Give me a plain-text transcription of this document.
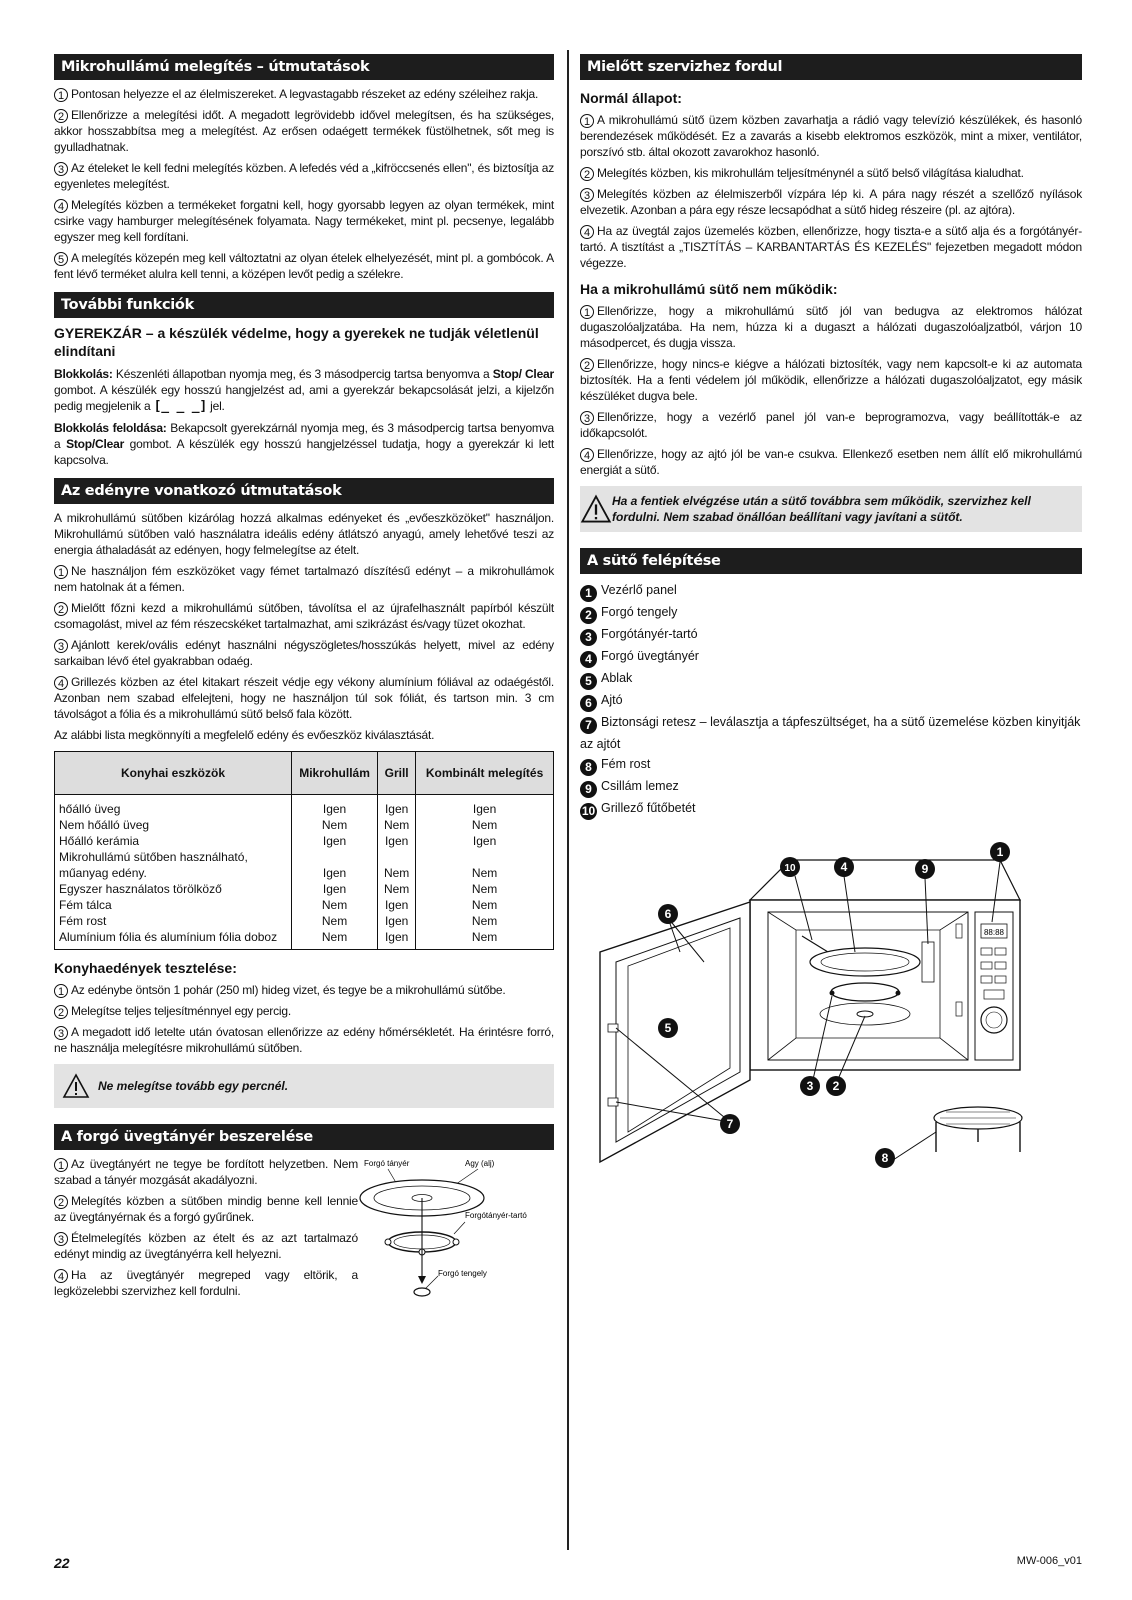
Mikrohullámú melegítés – útmutatások

1 Pontosan helyezze el az élelmiszereket. A legvastagabb részeket az edény széleihez rakja.

2 Ellenőrizze a melegítési időt. A megadott legrövidebb idővel melegítsen, és ha szükséges, akkor hosszabbítsa meg a melegítést. Az erősen odaégett termékek füstölhetnek, sőt meg is gyulladhatnak.

3 Az ételeket le kell fedni melegítés közben. A lefedés véd a „kifröccsenés ellen", és biztosítja az egyenletes melegítést.

4 Melegítés közben a termékeket forgatni kell, hogy gyorsabb legyen az olyan termékek, mint csirke vagy hamburger melegítésének folyamata. Nagy termékeket, mint pl. pecsenye, legalább egyszer meg kell fordítani.

5 A melegítés közepén meg kell változtatni az olyan ételek elhelyezését, mint pl. a gombócok. A fent lévő terméket alulra kell tenni, a középen levőt pedig a szélekre.

További funkciók
GYEREKZÁR – a készülék védelme, hogy a gyerekek ne tudják véletlenül elindítani

Blokkolás: Készenléti állapotban nyomja meg, és 3 másodpercig tartsa benyomva a Stop/ Clear gombot. A készülék egy hosszú hangjelzést ad, ami a gyerekzár bekapcsolását jelzi, a kijelzőn pedig megjelenik a [_ _ _] jel.

Blokkolás feloldása: Bekapcsolt gyerekzárnál nyomja meg, és 3 másodpercig tartsa benyomva a Stop/Clear gombot. A készülék egy hosszú hangjelzéssel tudatja, hogy a gyerekzár ki lett kapcsolva.

Az edényre vonatkozó útmutatások

A mikrohullámú sütőben kizárólag hozzá alkalmas edényeket és „evőeszközöket" használjon. Mikrohullámú sütőben való használatra ideális edény átlátszó anyagú, amely lehetővé teszi az energia áthaladását az edényen, hogy felmelegítse az ételt.

1 Ne használjon fém eszközöket vagy fémet tartalmazó díszítésű edényt – a mikrohullámok nem hatolnak át a fémen.

2 Mielőtt főzni kezd a mikrohullámú sütőben, távolítsa el az újrafelhasznált papírból készült csomagolást, mivel az fém részecskéket tartalmazhat, ami szikrázást és/vagy tüzet okozhat.

3 Ajánlott kerek/ovális edényt használni négyszögletes/hosszúkás helyett, mivel az edény sarkaiban lévő étel gyakrabban odaég.

4 Grillezés közben az étel kitakart részeit védje egy vékony alumínium fóliával az odaégéstől. Azonban nem szabad elfelejteni, hogy ne használjon túl sok fóliát, és tartson min. 3 cm távolságot a fólia és a mikrohullámú sütő belső fala között.

Az alábbi lista megkönnyíti a megfelelő edény és evőeszköz kiválasztását.

Konyhai eszközök	Mikrohullám	Grill	Kombinált melegítés
hőálló üveg	Igen	Igen	Igen
Nem hőálló üveg	Nem	Nem	Nem
Hőálló kerámia	Igen	Igen	Igen
Mikrohullámú sütőben használható,			
műanyag edény.	Igen	Nem	Nem
Egyszer használatos törölköző	Igen	Nem	Nem
Fém tálca	Nem	Igen	Nem
Fém rost	Nem	Igen	Nem
Alumínium fólia és alumínium fólia doboz	Nem	Igen	Nem
Konyhaedények tesztelése:

1 Az edénybe öntsön 1 pohár (250 ml) hideg vizet, és tegye be a mikrohullámú sütőbe.

2 Melegítse teljes teljesítménnyel egy percig.

3 A megadott idő letelte után óvatosan ellenőrizze az edény hőmérsékletét. Ha érintésre forró, ne használja melegítésre mikrohullámú sütőben.

Ne melegítse tovább egy percnél.
A forgó üvegtányér beszerelése

1 Az üvegtányért ne tegye be fordított helyzetben. Nem szabad a tányér mozgását akadályozni.

2 Melegítés közben a sütőben mindig benne kell lennie az üvegtányérnak és a forgó gyűrűnek.

3 Ételmelegítés közben az ételt és az azt tartalmazó edényt mindig az üvegtányérra kell helyezni.

4 Ha az üvegtányér megreped vagy eltörik, a legközelebbi szervizhez kell fordulni.

Forgó tányér	Agy (alj)
Forgótányér-tartó
Forgó tengely
Mielőtt szervizhez fordul
Normál állapot:

1 A mikrohullámú sütő üzem közben zavarhatja a rádió vagy televízió készülékek, és hasonló berendezések működését. Ez a zavarás a kisebb elektromos eszközök, mint a mixer, ventilátor, porszívó stb. által okozott zavarokhoz hasonló.

2 Melegítés közben, kis mikrohullám teljesítménynél a sütő belső világítása kialudhat.

3 Melegítés közben az élelmiszerből vízpára lép ki. A pára nagy részét a szellőző nyílások elvezetik. Azonban a pára egy része lecsapódhat a sütő hideg részeire (pl. az ajtóra).

4 Ha az üvegtál zajos üzemelés közben, ellenőrizze, hogy tiszta-e a sütő alja és a forgótányér-tartó. A tisztítást a „TISZTÍTÁS – KARBANTARTÁS ÉS KEZELÉS" fejezetben megadott módon végezze.

Ha a mikrohullámú sütő nem működik:

1 Ellenőrizze, hogy a mikrohullámú sütő jól van bedugva az elektromos hálózat dugaszolóaljzatába. Ha nem, húzza ki a dugaszt a hálózati dugaszolóaljzatból, várjon 10 másodpercet, és dugja vissza.

2 Ellenőrizze, hogy nincs-e kiégve a hálózati biztosíték, vagy nem kapcsolt-e ki az automata biztosíték. Ha a fenti védelem jól működik, ellenőrizze a hálózati dugaszolóaljzatot, egy másik készüléket dugva bele.

3 Ellenőrizze, hogy a vezérlő panel jól van-e beprogramozva, vagy beállították-e az időkapcsolót.

4 Ellenőrizze, hogy az ajtó jól be van-e csukva. Ellenkező esetben nem állít elő mikrohullámú energiát a sütő.

Ha a fentiek elvégzése után a sütő továbbra sem működik, szervizhez kell fordulni. Nem szabad önállóan beállítani vagy javítani a sütőt.
A sütő felépítése
1 Vezérlő panel
2 Forgó tengely
3 Forgótányér-tartó
4 Forgó üvegtányér
5 Ablak
6 Ajtó
7 Biztonsági retesz – leválasztja a tápfeszültséget, ha a sütő üzemelése közben kinyitják az ajtót
8 Fém rost
9 Csillám lemez
10 Grillező fűtőbetét
88:88
1
2
3
4
5
6
7
8
9
10
22	MW-006_v01
